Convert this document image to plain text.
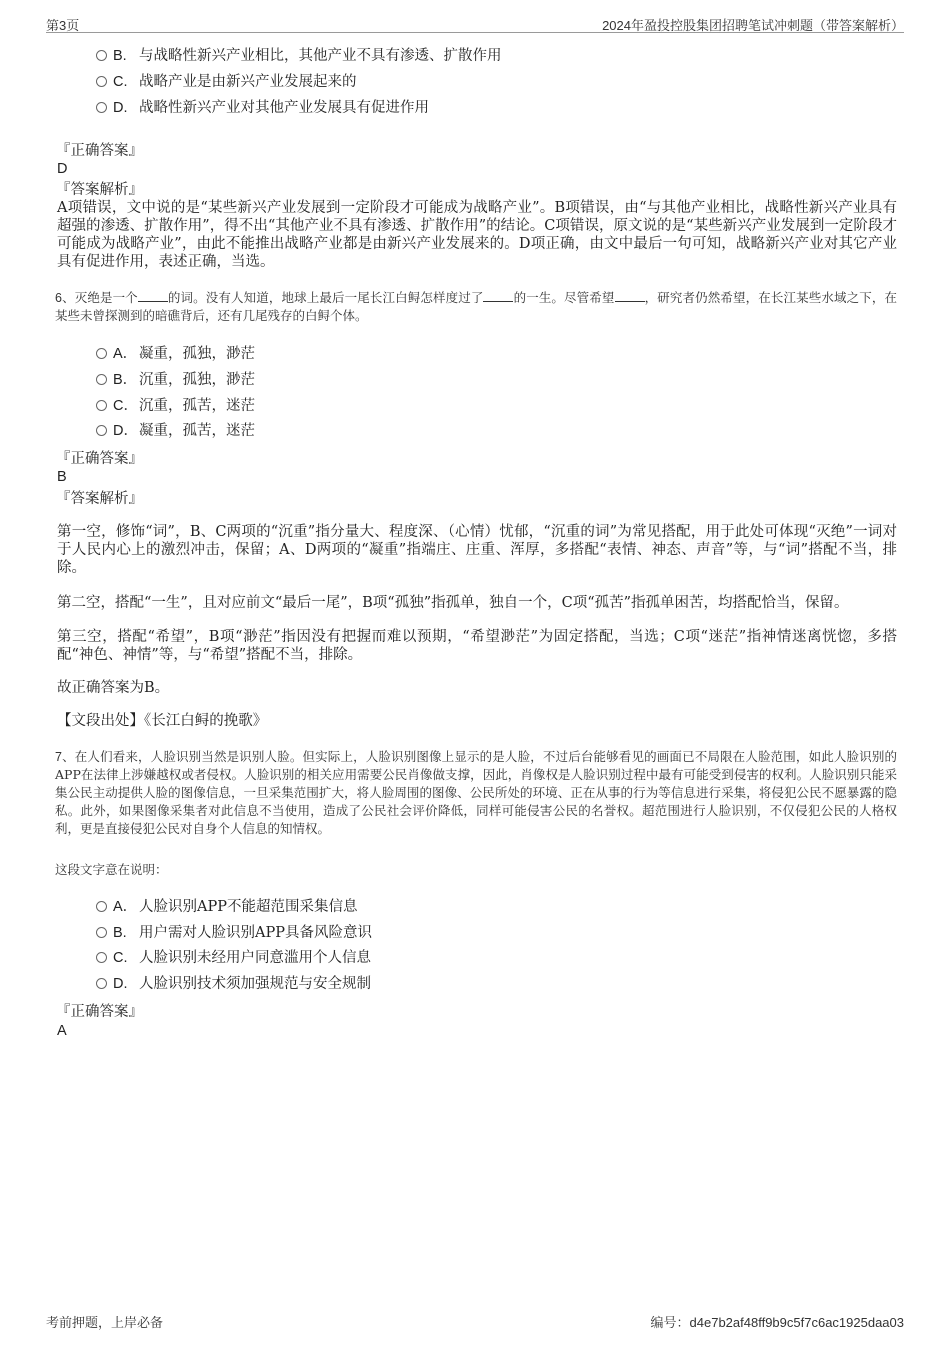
第3页	2024年盈投控股集团招聘笔试冲刺题（带答案解析）
B. 与战略性新兴产业相比，其他产业不具有渗透、扩散作用
C. 战略产业是由新兴产业发展起来的
D. 战略性新兴产业对其他产业发展具有促进作用
『正确答案』
D
『答案解析』
A项错误，文中说的是“某些新兴产业发展到一定阶段才可能成为战略产业”。B项错误，由“与其他产业相比，战略性新兴产业具有超强的渗透、扩散作用”，得不出“其他产业不具有渗透、扩散作用”的结论。C项错误，原文说的是“某些新兴产业发展到一定阶段才可能成为战略产业”，由此不能推出战略产业都是由新兴产业发展来的。D项正确，由文中最后一句可知，战略新兴产业对其它产业具有促进作用，表述正确，当选。
6、灭绝是一个 的词。没有人知道，地球上最后一尾长江白鲟怎样度过了 的一生。尽管希望 ，研究者仍然希望，在长江某些水域之下，在某些未曾探测到的暗礁背后，还有几尾残存的白鲟个体。
A． 凝重，孤独，渺茫
B． 沉重，孤独，渺茫
C．沉重，孤苦，迷茫
D．凝重，孤苦，迷茫
『正确答案』
B
『答案解析』
第一空，修饰“词”，B、C两项的“沉重”指分量大、程度深、（心情）忧郁，“沉重的词”为常见搭配，用于此处可体现“灭绝”一词对于人民内心上的激烈冲击，保留；A、D两项的“凝重”指端庄、庄重、浑厚，多搭配“表情、神态、声音”等，与“词”搭配不当，排除。
第二空，搭配“一生”，且对应前文“最后一尾”，B项“孤独”指孤单，独自一个，C项“孤苦”指孤单困苦，均搭配恰当，保留。
第三空，搭配“希望”，B项“渺茫”指因没有把握而难以预期，“希望渺茫”为固定搭配，当选；C项“迷茫”指神情迷离恍惚，多搭配“神色、神情”等，与“希望”搭配不当，排除。
故正确答案为B。
【文段出处】《长江白鲟的挽歌》
7、在人们看来，人脸识别当然是识别人脸。但实际上，人脸识别图像上显示的是人脸，不过后台能够看见的画面已不局限在人脸范围，如此人脸识别的APP在法律上涉嫌越权或者侵权。人脸识别的相关应用需要公民肖像做支撑，因此，肖像权是人脸识别过程中最有可能受到侵害的权利。人脸识别只能采集公民主动提供人脸的图像信息，一旦采集范围扩大，将人脸周围的图像、公民所处的环境、正在从事的行为等信息进行采集，将侵犯公民不愿暴露的隐私。此外，如果图像采集者对此信息不当使用，造成了公民社会评价降低，同样可能侵害公民的名誉权。超范围进行人脸识别，不仅侵犯公民的人格权利，更是直接侵犯公民对自身个人信息的知情权。
这段文字意在说明：
A． 人脸识别APP不能超范围采集信息
B. 用户需对人脸识别APP具备风险意识
C. 人脸识别未经用户同意滥用个人信息
D. 人脸识别技术须加强规范与安全规制
『正确答案』
A
考前押题，上岸必备	编号：d4e7b2af48ff9b9c5f7c6ac1925daa03
